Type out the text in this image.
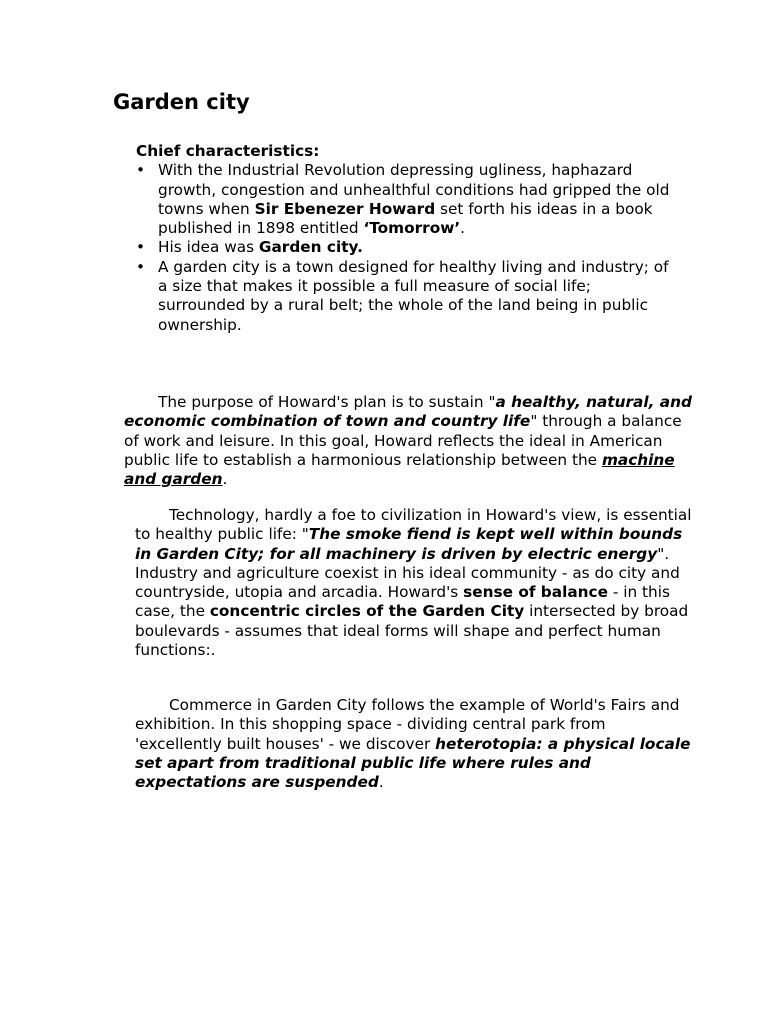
Garden city

Chief characteristics:

• With the Industrial Revolution depressing ugliness, haphazard growth, congestion and unhealthful conditions had gripped the old towns when Sir Ebenezer Howard set forth his ideas in a book published in 1898 entitled ‘Tomorrow’.
• His idea was Garden city.
• A garden city is a town designed for healthy living and industry; of a size that makes it possible a full measure of social life; surrounded by a rural belt; the whole of the land being in public ownership.

The purpose of Howard's plan is to sustain "a healthy, natural, and economic combination of town and country life" through a balance of work and leisure. In this goal, Howard reflects the ideal in American public life to establish a harmonious relationship between the machine and garden.

Technology, hardly a foe to civilization in Howard's view, is essential to healthy public life: "The smoke fiend is kept well within bounds in Garden City; for all machinery is driven by electric energy". Industry and agriculture coexist in his ideal community - as do city and countryside, utopia and arcadia. Howard's sense of balance - in this case, the concentric circles of the Garden City intersected by broad boulevards - assumes that ideal forms will shape and perfect human functions:.

Commerce in Garden City follows the example of World's Fairs and exhibition. In this shopping space - dividing central park from 'excellently built houses' - we discover heterotopia: a physical locale set apart from traditional public life where rules and expectations are suspended.
